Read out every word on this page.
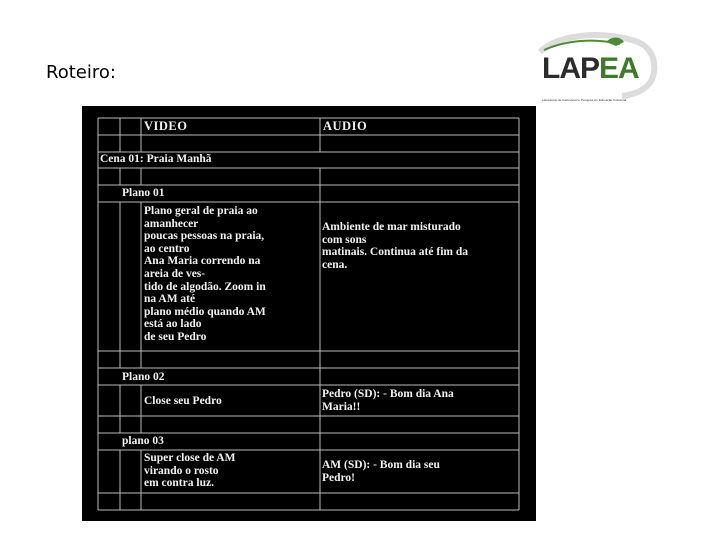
Roteiro:	LAPEA
Laboratório de Audiovisual e Pesquisa em Educação Ambiental
VIDEO	AUDIO
Cena 01: Praia Manhã
Plano 01
Plano geral de praia ao
amanhecer
poucas pessoas na praia,
ao centro
Ana Maria correndo na
areia de ves-
tido de algodão. Zoom in
na AM até
plano médio quando AM
está ao lado
de seu Pedro
Ambiente de mar misturado
com sons
matinais. Continua até fim da
cena.
Plano 02
Close seu Pedro
Pedro (SD): - Bom dia Ana
Maria!!
plano 03
Super close de AM
virando o rosto
em contra luz.
AM (SD): - Bom dia seu
Pedro!
